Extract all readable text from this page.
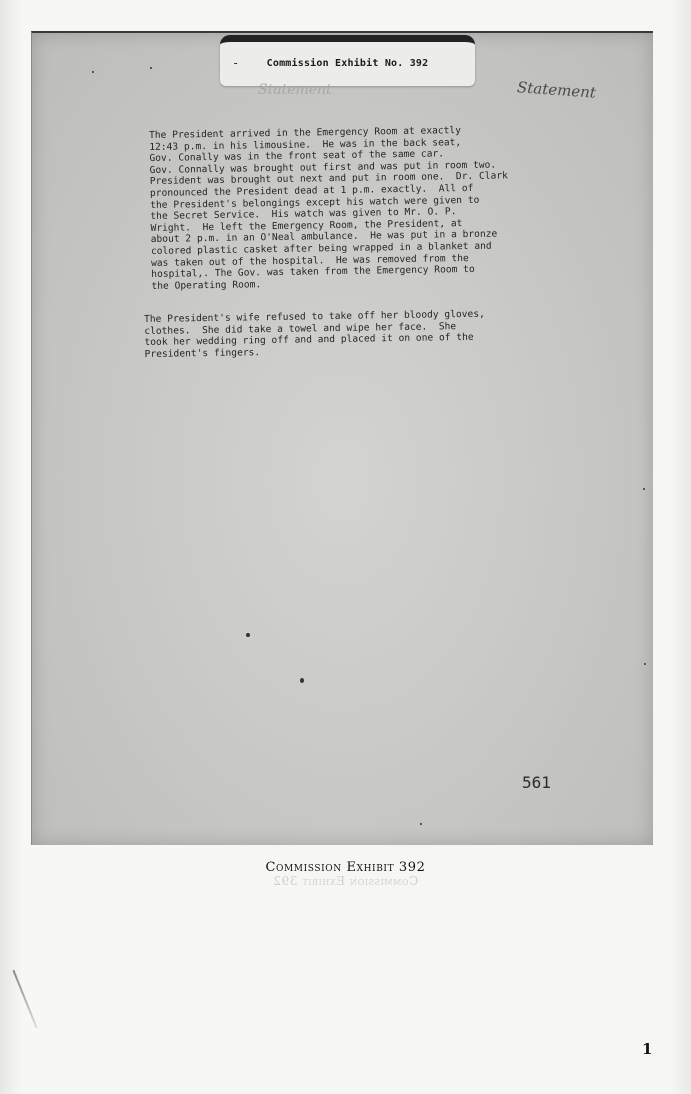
-	Commission Exhibit No. 392
Statement	Statement
The President arrived in the Emergency Room at exactly
12:43 p.m. in his limousine.  He was in the back seat,
Gov. Conally was in the front seat of the same car.
Gov. Connally was brought out first and was put in room two.
President was brought out next and put in room one.  Dr. Clark
pronounced the President dead at 1 p.m. exactly.  All of
the President's belongings except his watch were given to
the Secret Service.  His watch was given to Mr. O. P.
Wright.  He left the Emergency Room, the President, at
about 2 p.m. in an O'Neal ambulance.  He was put in a bronze
colored plastic casket after being wrapped in a blanket and
was taken out of the hospital.  He was removed from the
hospital,. The Gov. was taken from the Emergency Room to
the Operating Room.
The President's wife refused to take off her bloody gloves,
clothes.  She did take a towel and wipe her face.  She
took her wedding ring off and and placed it on one of the
President's fingers.
561
Commission Exhibit 392
Commission Exhibit 392
1
